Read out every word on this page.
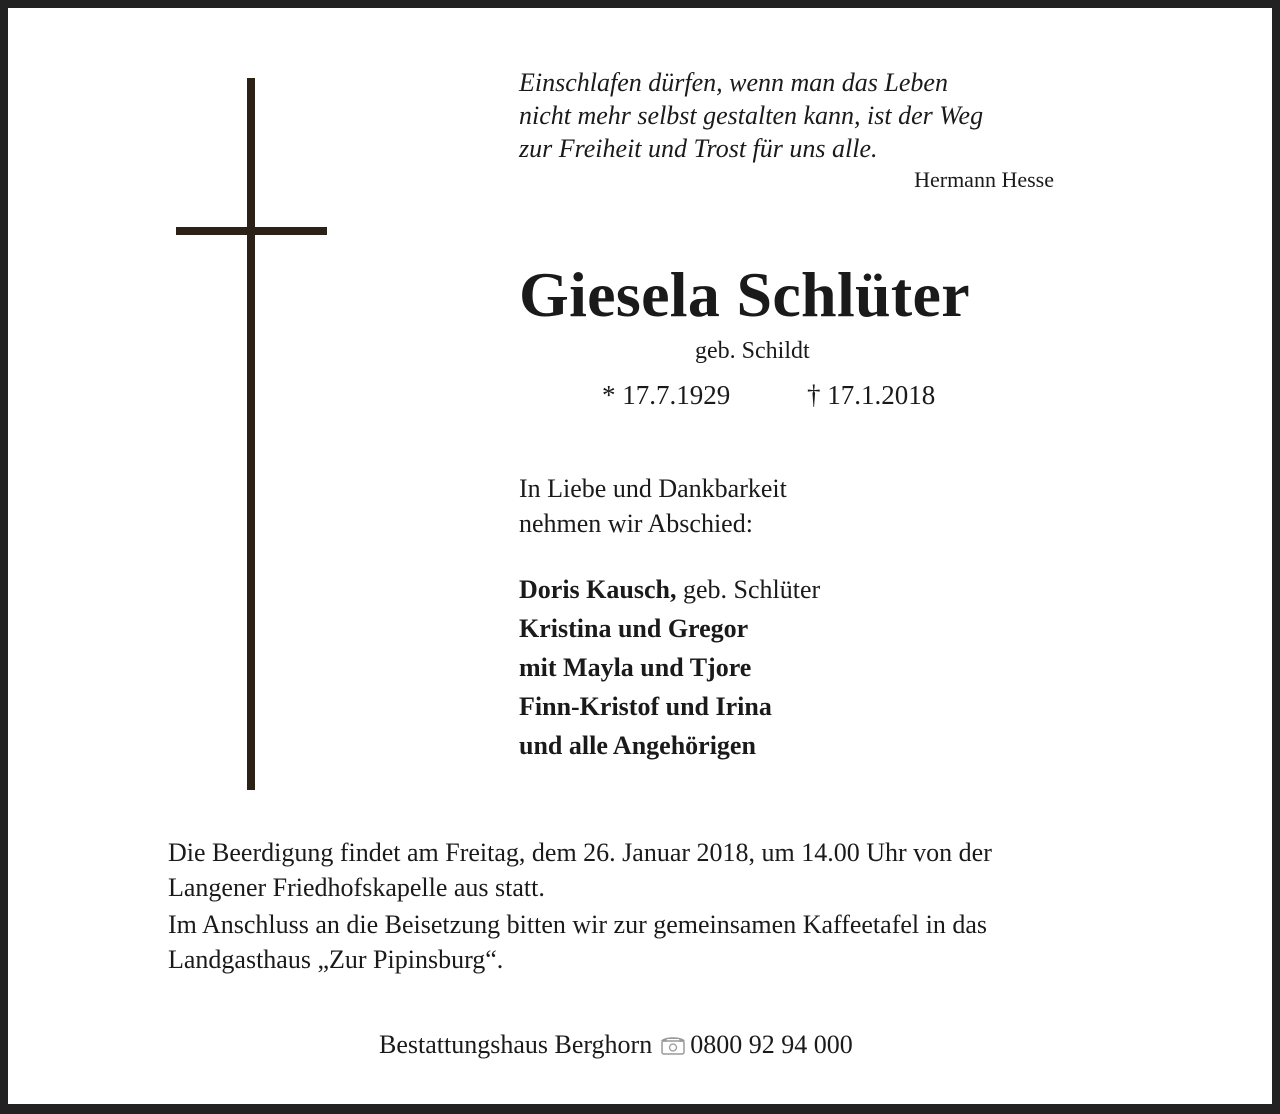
Einschlafen dürfen, wenn man das Leben
nicht mehr selbst gestalten kann, ist der Weg
zur Freiheit und Trost für uns alle.
Hermann Hesse
Giesela Schlüter
geb. Schildt
* 17.7.1929	† 17.1.2018
In Liebe und Dankbarkeit
nehmen wir Abschied:
Doris Kausch, geb. Schlüter
Kristina und Gregor
mit Mayla und Tjore
Finn-Kristof und Irina
und alle Angehörigen
Die Beerdigung findet am Freitag, dem 26. Januar 2018, um 14.00 Uhr von der
Langener Friedhofskapelle aus statt.
Im Anschluss an die Beisetzung bitten wir zur gemeinsamen Kaffeetafel in das
Landgasthaus „Zur Pipinsburg“.
Bestattungshaus Berghorn 0800 92 94 000
